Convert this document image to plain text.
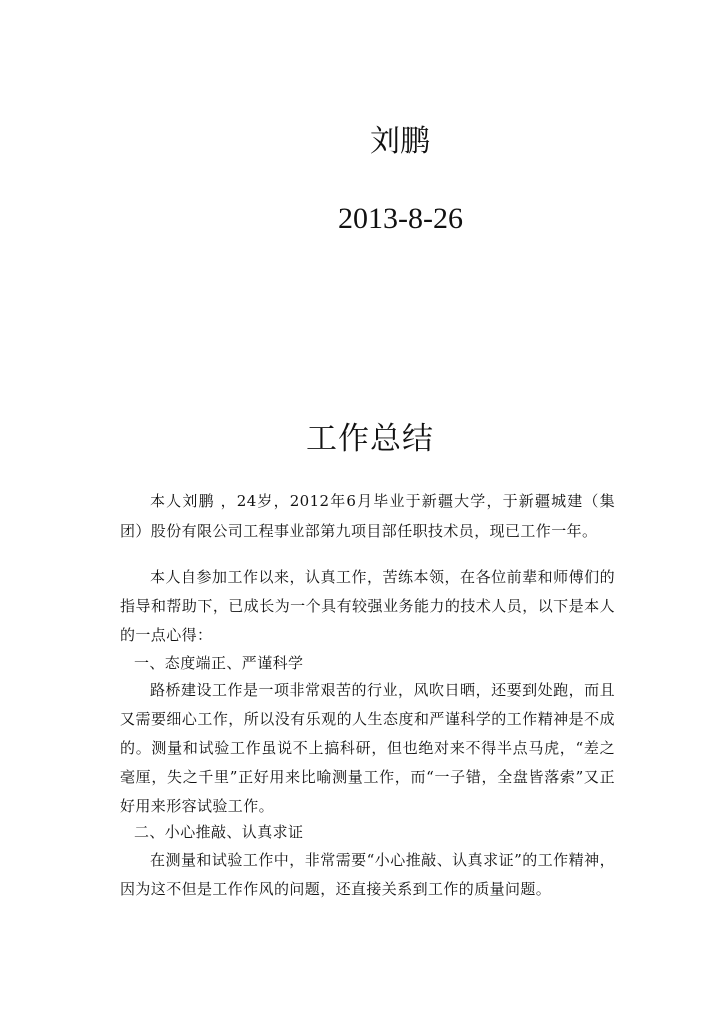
刘鹏
2013-8-26
工作总结

本人刘鹏 ，24岁，2012年6月毕业于新疆大学，于新疆城建（集团）股份有限公司工程事业部第九项目部任职技术员，现已工作一年。

本人自参加工作以来，认真工作，苦练本领，在各位前辈和师傅们的指导和帮助下，已成长为一个具有较强业务能力的技术人员，以下是本人的一点心得：

一、态度端正、严谨科学

路桥建设工作是一项非常艰苦的行业，风吹日晒，还要到处跑，而且又需要细心工作，所以没有乐观的人生态度和严谨科学的工作精神是不成的。测量和试验工作虽说不上搞科研，但也绝对来不得半点马虎，“差之毫厘，失之千里”正好用来比喻测量工作，而“一子错，全盘皆落索”又正好用来形容试验工作。

二、小心推敲、认真求证

在测量和试验工作中，非常需要“小心推敲、认真求证”的工作精神，因为这不但是工作作风的问题，还直接关系到工作的质量问题。
